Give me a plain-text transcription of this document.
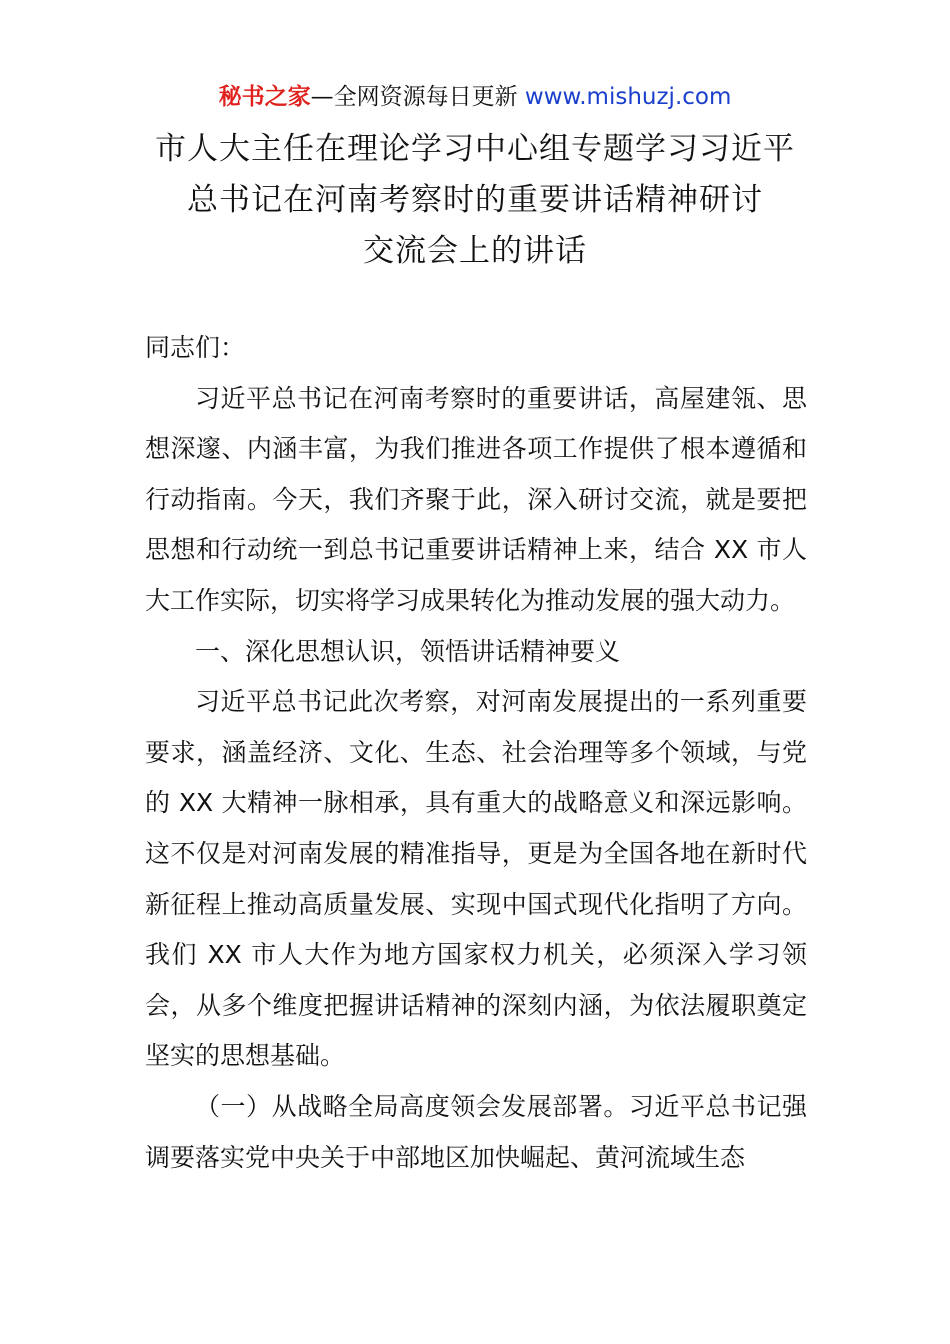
秘书之家—全网资源每日更新 www.mishuzj.com
市人大主任在理论学习中心组专题学习习近平
总书记在河南考察时的重要讲话精神研讨
交流会上的讲话

同志们：

习近平总书记在河南考察时的重要讲话，高屋建瓴、思想深邃、内涵丰富，为我们推进各项工作提供了根本遵循和行动指南。今天，我们齐聚于此，深入研讨交流，就是要把思想和行动统一到总书记重要讲话精神上来，结合 XX 市人大工作实际，切实将学习成果转化为推动发展的强大动力。

一、深化思想认识，领悟讲话精神要义

习近平总书记此次考察，对河南发展提出的一系列重要要求，涵盖经济、文化、生态、社会治理等多个领域，与党的 XX 大精神一脉相承，具有重大的战略意义和深远影响。这不仅是对河南发展的精准指导，更是为全国各地在新时代新征程上推动高质量发展、实现中国式现代化指明了方向。我们 XX 市人大作为地方国家权力机关，必须深入学习领会，从多个维度把握讲话精神的深刻内涵，为依法履职奠定坚实的思想基础。

（一）从战略全局高度领会发展部署。习近平总书记强调要落实党中央关于中部地区加快崛起、黄河流域生态
